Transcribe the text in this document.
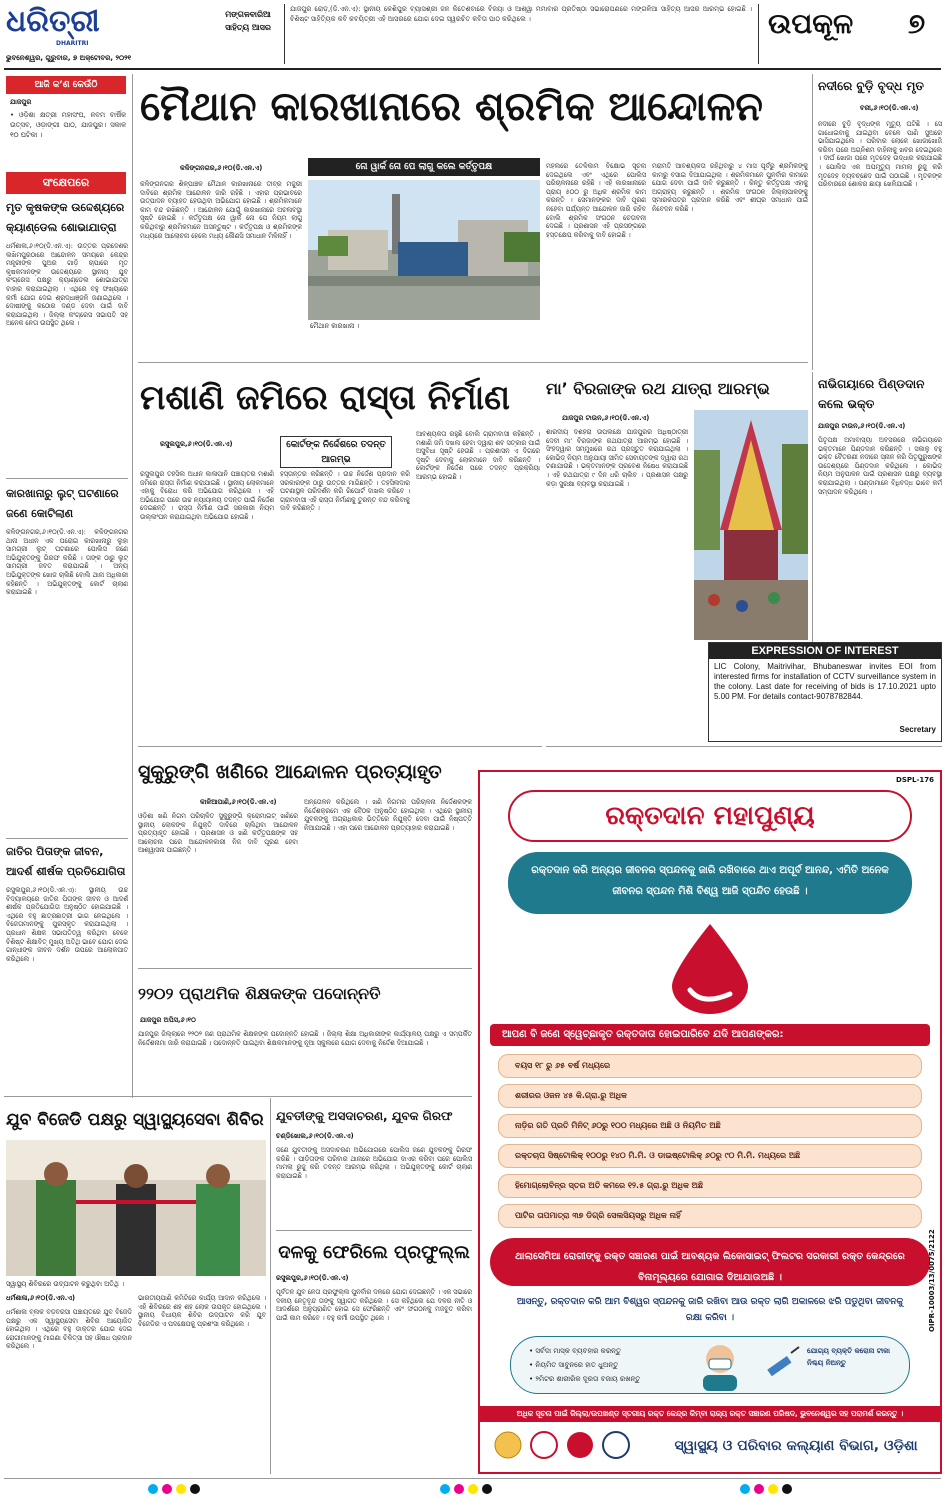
ଧରିତ୍ରୀ
DHARITRI
ଭୁବନେଶ୍ୱର, ଗୁରୁବାର, ୭ ଅକ୍ଟୋବର, ୨୦୨୧
ମଙ୍ଗଳବାରିଆ ସାହିତ୍ୟ ଆସର
ଯାଜପୁର ରୋଡ଼,(ଡି.ଏନ.ଏ): ସ୍ଥାନୀୟ କେଶିପୁର ବ୍ୟାସଶ୍ରୀ ଜନ କିତେଶବାରେ ବିଜୟା ଓ ଆଶ୍ୱା ମମାବାର ପ୍ରତିଷ୍ଠା ସଭାରୋପଣରେ ମଙ୍ଗଳିଆ ସାହିତ୍ୟ ଆସର ଆରମ୍ଭ ହୋଇଛି । ବିଶିଷ୍ଟ ସାହିତ୍ୟିକ କବି କବୟିତ୍ରୀ ଏହି ଆସରରେ ଯୋଗ ଦେଇ ସ୍ୱରଚିତ କବିତା ପାଠ କରିଥିଲେ ।	ଉପକୂଳ ୭
ଆଜି କ’ଣ କେଉଁଠି
ଯାଜପୁର
• ଓଡ଼ିଶା କ୍ଷତ୍ରୀ ମହାସଂଘ, ନବମ ବାର୍ଷିକ ଉତ୍ସବ, ଓଡ଼ାଙ୍ଗୀ ପାଠ, ଯାଜପୁର। ସକାଳ ୧୦ ଘଟିକା ।
ସଂକ୍ଷେପରେ
ମୃତ କୃଷକଙ୍କ ଉଦ୍ଦେଶ୍ୟରେ କ୍ୟାଣ୍ଡେଲ ଶୋଭାଯାତ୍ରା
ଧର୍ମଶାଳା,୬।୧୦(ଡି.ଏନ.ଏ): ଉତ୍ତର ପ୍ରଦେଶର ଲଖିମପୁରଠାରେ ଆନ୍ଦୋଳନ ସମୟରେ କେନ୍ଦ୍ର ମନ୍ତ୍ରୀଙ୍କ ପୁଅର ଗାଡ଼ି ଚାପାରେ ମୃତ କୃଷକମାନଙ୍କ ଉଦ୍ଦେଶ୍ୟରେ ସ୍ଥାନୀୟ ଯୁବ କଂଗ୍ରେସ ପକ୍ଷରୁ କ୍ୟାଣ୍ଡେଲ ଶୋଭାଯାତ୍ରା ବାହାର କରାଯାଇଥିଲା । ଏଥିରେ ବହୁ ସଂଖ୍ୟାରେ କର୍ମୀ ଯୋଗ ଦେଇ ଶ୍ରଦ୍ଧାଞ୍ଜଳି ଜଣାଇଥିଲେ । ଦୋଷୀଙ୍କୁ କଠୋର ଦଣ୍ଡ ଦେବା ପାଇଁ ଦାବି କରାଯାଇଥିଲା । ଜିଲ୍ଲା କଂଗ୍ରେସ ସଭାପତି ସହ ଅନେକ ନେତା ଉପସ୍ଥିତ ଥିଲେ ।
କାରଖାନାରୁ ଲୁଟ୍ ଘଟଣାରେ ଜଣେ କୋଟିଲାଣ
କଳିଙ୍ଗନଗର,୬।୧୦(ଡି.ଏନ.ଏ): କଳିଙ୍ଗନଗର ଥାନା ଅଧୀନ ଏକ ଘରୋଇ କାରଖାନାରୁ ଲୁହା ସାମଗ୍ରୀ ଲୁଟ୍ ଘଟଣାରେ ପୋଲିସ ଜଣେ ଅଭିଯୁକ୍ତଙ୍କୁ ଗିରଫ କରିଛି । ତାଙ୍କ ଠାରୁ ଲୁଟ୍ ସାମଗ୍ରୀ ଜବତ କରାଯାଇଛି । ଅନ୍ୟ ଅଭିଯୁକ୍ତଙ୍କ ଖୋଜ ଚାଲିଛି ବୋଲି ଥାନା ଅଧିକାରୀ କହିଛନ୍ତି । ଅଭିଯୁକ୍ତଙ୍କୁ କୋର୍ଟ ଚାଲାଣ କରାଯାଇଛି ।
ଜାତିର ପିତାଙ୍କ ଜୀବନ, ଆଦର୍ଶ ଶୀର୍ଷକ ପ୍ରତିଯୋଗିତା
ରସୁଲପୁର,୬।୧୦(ଡି.ଏନ.ଏ): ସ୍ଥାନୀୟ ଉଚ୍ଚ ବିଦ୍ୟାଳୟରେ ଜାତିର ପିତାଙ୍କ ଜୀବନ ଓ ଆଦର୍ଶ ଶୀର୍ଷକ ପ୍ରତିଯୋଗିତା ଅନୁଷ୍ଠିତ ହୋଇଯାଇଛି । ଏଥିରେ ବହୁ ଛାତ୍ରଛାତ୍ରୀ ଭାଗ ନେଇଥିଲେ । ବିଜେତାମାନଙ୍କୁ ପୁରସ୍କୃତ କରାଯାଇଥିଲା । ପ୍ରଧାନ ଶିକ୍ଷକ ସଭାପତିତ୍ୱ କରିଥିବା ବେଳେ ବିଶିଷ୍ଟ ଶିକ୍ଷାବିତ୍ ମୁଖ୍ୟ ଅତିଥି ଭାବେ ଯୋଗ ଦେଇ ଗାନ୍ଧୀଙ୍କ ଜୀବନ ଦର୍ଶନ ଉପରେ ଆଲୋକପାତ କରିଥିଲେ ।
ମୈଥାନ କାରଖାନାରେ ଶ୍ରମିକ ଆନ୍ଦୋଳନ
କଳିଙ୍ଗନଗର,୬।୧୦(ଡି.ଏନ.ଏ)	ନୋ ୱାର୍କ ନୋ ପେ ଲାଗୁ କଲେ କର୍ତ୍ତୃପକ୍ଷ
ମୈଥାନ କାରଖାନା ।
କଳିଙ୍ଗନଗର ଶିଳ୍ପାଞ୍ଚଳ ମୈଥାନ କାରଖାନାରେ ତୀବ୍ର ମଜୁରୀ ଦାବିରେ ଶ୍ରମିକ ଆନ୍ଦୋଳନ ଜାରି ରହିଛି । ଏହାର ପ୍ରଭାବରେ ଉତ୍ପାଦନ ବ୍ୟାହତ ହେଉଥିବା ଅଭିଯୋଗ ହୋଇଛି । ଶ୍ରମିକମାନେ କାମ ବନ୍ଦ ରଖିଛନ୍ତି । ଆନ୍ଦୋଳନ ଯୋଗୁଁ କାରଖାନାରେ ଅଚଳାବସ୍ଥା ସୃଷ୍ଟି ହୋଇଛି । କର୍ତ୍ତୃପକ୍ଷ ନୋ ୱାର୍କ ନୋ ପେ ନିୟମ ଲାଗୁ କରିଥିବାରୁ ଶ୍ରମିକମାନେ ଅସନ୍ତୁଷ୍ଟ । କର୍ତ୍ତୃପକ୍ଷ ଓ ଶ୍ରମିକଙ୍କ ମଧ୍ୟରେ ଆଲୋଚନା ହେଲେ ମଧ୍ୟ କୌଣସି ସମାଧାନ ମିଳିନାହିଁ ।
ମହଲରେ ତେଳିକାମ ବିକ୍ଷୋଭ ସୂଚନା ଦେଇଥିଲେ ଏବଂ ଏଥିରେ ପୋଲିସ ପରିଚାଳନାରେ ରହିଛି । ଏହି କାରଖାନାରେ ପ୍ରାୟ ୫୦୦ ରୁ ଅଧିକ ଶ୍ରମିକ କାମ କରନ୍ତି । ସେମାନଙ୍କର ଦାବି ପୂରଣ ନହେବା ପର୍ଯ୍ୟନ୍ତ ଆନ୍ଦୋଳନ ଜାରି ରହିବ ବୋଲି ଶ୍ରମିକ ସଂଗଠନ ଚେତାବନୀ ଦେଇଛି । ପ୍ରଶାସନ ଏହି ପ୍ରସଙ୍ଗରେ ହସ୍ତକ୍ଷେପ କରିବାକୁ ଦାବି ହୋଇଛି ।
ମରାମତି ଆବଶ୍ୟକତା ରହିଥିବାରୁ ୪ ମାସ ପୂର୍ବରୁ ଶ୍ରମିକଙ୍କୁ କାମରୁ ବସାଇ ଦିଆଯାଇଥିଲା । ଶ୍ରମିକମାନେ ପୁନର୍ବାର କାମରେ ଯୋଗ ଦେବା ପାଇଁ ଦାବି କରୁଛନ୍ତି । କିନ୍ତୁ କର୍ତ୍ତୃପକ୍ଷ ଏହାକୁ ଅଗ୍ରାହ୍ୟ କରୁଛନ୍ତି । ଶ୍ରମିକ ସଂଗଠନ ଜିଲ୍ଲାପାଳଙ୍କୁ ସ୍ମାରକପତ୍ର ପ୍ରଦାନ କରିଛି ଏବଂ ଶୀଘ୍ର ସମାଧାନ ପାଇଁ ନିବେଦନ କରିଛି ।
ନଦୀରେ ବୁଡ଼ି ବୃଦ୍ଧ ମୃତ
ବରୀ,୬।୧୦(ଡି.ଏନ.ଏ)
ନଦୀରେ ବୁଡ଼ି ବୃଦ୍ଧଙ୍କ ମୃତ୍ୟୁ ଘଟିଛି । ସେ ଗାଧୋଇବାକୁ ଯାଇଥିବା ବେଳେ ପାଣି ସୁଅରେ ଭାସିଯାଇଥିଲେ । ପରିବାର ଲୋକେ ଖୋଜାଖୋଜି କରିବା ପରେ ଅଗ୍ନିଶମ ବାହିନୀକୁ ଖବର ଦେଇଥିଲେ । ଦୀର୍ଘ ଖୋଜା ପରେ ମୃତଦେହ ଉଦ୍ଧାର କରାଯାଇଛି । ପୋଲିସ ଏକ ଅପମୃତ୍ୟୁ ମାମଲା ରୁଜୁ କରି ମୃତଦେହ ବ୍ୟବଚ୍ଛେଦ ପାଇଁ ପଠାଇଛି । ମୃତକଙ୍କ ପରିବାରରେ ଶୋକର ଛାୟା ଖେଳିଯାଇଛି ।
ମଶାଣି ଜମିରେ ରାସ୍ତା ନିର୍ମାଣ
ରସୁଲପୁର,୬।୧୦(ଡି.ଏନ.ଏ)	କୋର୍ଟଙ୍କ ନିର୍ଦ୍ଦେଶରେ ତଦନ୍ତ ଆରମ୍ଭ
ରସୁଲପୁର ତହସିଲ ଅଧୀନ କାଳାପାନି ପଞ୍ଚାୟତର ମଶାଣି ଜମିରେ ରାସ୍ତା ନିର୍ମାଣ କରାଯାଇଛି । ସ୍ଥାନୀୟ ଲୋକମାନେ ଏହାକୁ ବିରୋଧ କରି ଅଭିଯୋଗ କରିଥିଲେ । ଏହି ଅଭିଯୋଗ ପରେ ଉଚ୍ଚ ନ୍ୟାୟାଳୟ ତଦନ୍ତ ପାଇଁ ନିର୍ଦ୍ଦେଶ ଦେଇଛନ୍ତି । ରାସ୍ତା ନିର୍ମାଣ ପାଇଁ ସରକାରୀ ନିୟମ ଉଲ୍ଲଂଘନ କରାଯାଇଥିବା ଅଭିଯୋଗ ହୋଇଛି ।
ହସ୍ତାନ୍ତର କରିଛନ୍ତି । ଉଚ୍ଚ ନିର୍ଦ୍ଦେଶ ପ୍ରଦାନ କରି ସରକାରଙ୍କ ଠାରୁ ଉତ୍ତର ମାଗିଛନ୍ତି । ତହସିଲଦାର ଘଟଣାସ୍ଥଳ ପରିଦର୍ଶନ କରି ରିପୋର୍ଟ ଦାଖଲ କରିବେ । ଗ୍ରାମବାସୀ ଏହି ରାସ୍ତା ନିର୍ମାଣକୁ ତୁରନ୍ତ ବନ୍ଦ କରିବାକୁ ଦାବି କରିଛନ୍ତି ।
ଆବଶ୍ୟକତା ରହୁଛି ବୋଲି ଗ୍ରାମବାସୀ କହିଛନ୍ତି । ମଶାଣି ଜମି ଦଖଲ ହେବା ଦ୍ୱାରା ଶବ ସତ୍କାର ପାଇଁ ଅସୁବିଧା ସୃଷ୍ଟି ହେଉଛି । ପ୍ରଶାସନ ଏ ଦିଗରେ ଦୃଷ୍ଟି ଦେବାକୁ ଲୋକମାନେ ଦାବି କରିଛନ୍ତି । କୋର୍ଟଙ୍କ ନିର୍ଦ୍ଦେଶ ପରେ ତଦନ୍ତ ପ୍ରକ୍ରିୟା ଆରମ୍ଭ ହୋଇଛି ।
ମା’ ବିରଜାଙ୍କ ରଥ ଯାତ୍ରା ଆରମ୍ଭ
ଯାଜପୁର ଟାଉନ,୬।୧୦(ଡି.ଏନ.ଏ)
ଶାରଦୀୟ ଦଶହରା ଉପଲକ୍ଷେ ଯାଜପୁରର ଅଧିଷ୍ଠାତ୍ରୀ ଦେବୀ ମା’ ବିରଜାଙ୍କ ରଥଯାତ୍ରା ଆରମ୍ଭ ହୋଇଛି । ସିଂହଦ୍ୱାର ସମ୍ମୁଖରେ ରଥ ପ୍ରସ୍ତୁତ କରାଯାଇଥିଲା । କୋଭିଡ୍ ନିୟମ ଅନୁଯାୟୀ ସୀମିତ ସେବାୟତଙ୍କ ଦ୍ୱାରା ରଥ ଟଣାଯାଉଛି । ଭକ୍ତମାନଙ୍କ ପ୍ରବେଶ ନିଷେଧ କରାଯାଇଛି । ଏହି ରଥଯାତ୍ରା ୯ ଦିନ ଧରି ଚାଲିବ । ପ୍ରଶାସନ ପକ୍ଷରୁ କଡ଼ା ସୁରକ୍ଷା ବ୍ୟବସ୍ଥା କରାଯାଇଛି ।
ନାଭିଗୟାରେ ପିଣ୍ଡଦାନ କଲେ ଭକ୍ତ
ଯାଜପୁର ଟାଉନ,୬।୧୦(ଡି.ଏନ.ଏ)
ପିତୃପକ୍ଷ ଅମାବାସ୍ୟା ଅବସରରେ ନାଭିଗୟାରେ ଭକ୍ତମାନେ ପିଣ୍ଡଦାନ କରିଛନ୍ତି । ସକାଳୁ ବହୁ ଭକ୍ତ ବୈତରଣୀ ନଦୀରେ ସ୍ନାନ କରି ପିତୃପୁରୁଷଙ୍କ ଉଦ୍ଦେଶ୍ୟରେ ପିଣ୍ଡଦାନ କରିଥିଲେ । କୋଭିଡ୍ ନିୟମ ଅନୁପାଳନ ପାଇଁ ପ୍ରଶାସନ ପକ୍ଷରୁ ବ୍ୟବସ୍ଥା କରାଯାଇଥିଲା । ପଣ୍ଡାମାନେ ବିଧିବଦ୍ଧ ଭାବେ କର୍ମ ସମ୍ପାଦନ କରିଥିଲେ ।
EXPRESSION OF INTEREST
LIC Colony, Maitrivihar, Bhubaneswar invites EOI from interested firms for installation of CCTV surveillance system in the colony. Last date for receiving of bids is 17.10.2021 upto 5.00 PM. For details contact-9078782844.
Secretary
ସୁକୁରୁଙ୍ଗି ଖଣିରେ ଆନ୍ଦୋଳନ ପ୍ରତ୍ୟାହୃତ
କାଳିଆପାଣି,୬।୧୦(ଡି.ଏନ.ଏ)
ଓଡ଼ିଶା ଖଣି ନିଗମ ପରିଚାଳିତ ସୁକୁରୁଙ୍ଗି କ୍ରୋମାଇଟ୍ ଖଣିରେ ସ୍ଥାନୀୟ ଲୋକଙ୍କ ନିଯୁକ୍ତି ଦାବିରେ ଚାଲିଥିବା ଆନ୍ଦୋଳନ ପ୍ରତ୍ୟାହୃତ ହୋଇଛି । ପ୍ରଶାସନ ଓ ଖଣି କର୍ତ୍ତୃପକ୍ଷଙ୍କ ସହ ଆଲୋଚନା ପରେ ଆନ୍ଦୋଳନକାରୀ ନିଜ ଦାବି ପୂରଣ ହେବା ଆଶ୍ୱାସନା ପାଇଛନ୍ତି ।
ଅନ୍ତୋଳନ କରିଥିଲେ । ଖଣି ନିଗମର ପରିଚାଳନା ନିର୍ଦ୍ଦେଶକଙ୍କ ନିର୍ଦ୍ଦେଶକ୍ରମେ ଏକ ବୈଠକ ଅନୁଷ୍ଠିତ ହୋଇଥିଲା । ଏଥିରେ ସ୍ଥାନୀୟ ଯୁବକଙ୍କୁ ଅଗ୍ରାଧିକାର ଭିତ୍ତିରେ ନିଯୁକ୍ତି ଦେବା ପାଇଁ ନିଷ୍ପତ୍ତି ନିଆଯାଇଛି । ଏହା ପରେ ଆନ୍ଦୋଳନ ପ୍ରତ୍ୟାହାର କରାଯାଇଛି ।
୨୨୦୨ ପ୍ରାଥମିକ ଶିକ୍ଷକଙ୍କ ପଦୋନ୍ନତି
ଯାଜପୁର ଅପିସ,୬।୧୦
ଯାଜପୁର ଜିଲ୍ଲାରେ ୨୨୦୨ ଜଣ ପ୍ରାଥମିକ ଶିକ୍ଷକଙ୍କ ପଦୋନ୍ନତି ହୋଇଛି । ଜିଲ୍ଲା ଶିକ୍ଷା ଅଧିକାରୀଙ୍କ କାର୍ଯ୍ୟାଳୟ ପକ୍ଷରୁ ଏ ସମ୍ପର୍କିତ ନିର୍ଦ୍ଦେଶନାମା ଜାରି କରାଯାଇଛି । ପଦୋନ୍ନତି ପାଇଥିବା ଶିକ୍ଷକମାନଙ୍କୁ ନୂଆ ସ୍କୁଲରେ ଯୋଗ ଦେବାକୁ ନିର୍ଦ୍ଦେଶ ଦିଆଯାଇଛି ।
ଯୁବ ବିଜେଡି ପକ୍ଷରୁ ସ୍ୱାସ୍ଥ୍ୟସେବା ଶିବିର
ସ୍ୱାସ୍ଥ୍ୟ ଶିବିରରେ ଉଦ୍‌ଘାଟନ କରୁଥିବା ଅତିଥି ।
ଧର୍ମଶାଳା,୬।୧୦(ଡି.ଏନ.ଏ)
ଧର୍ମଶାଳା ବ୍ଲକ ବଡ଼ବରସା ପଞ୍ଚାୟତରେ ଯୁବ ବିଜେଡି ପକ୍ଷରୁ ଏକ ସ୍ୱାସ୍ଥ୍ୟସେବା ଶିବିର ଆୟୋଜିତ ହୋଇଥିଲା । ଏଥିରେ ବହୁ ଡାକ୍ତର ଯୋଗ ଦେଇ ରୋଗୀମାନଙ୍କୁ ମାଗଣା ଚିକିତ୍ସା ସହ ଔଷଧ ପ୍ରଦାନ କରିଥିଲେ ।
ଭାରତୀୟପାଣି କମିଟିରେ କାର୍ଯ୍ୟ ଆଦାନ କରିଥିଲେ । ଏହି ଶିବିରରେ ଶହ ଶହ ଲୋକ ଉପକୃତ ହୋଇଥିଲେ । ସ୍ଥାନୀୟ ବିଧାୟକ ଶିବିର ଉଦ୍‌ଘାଟନ କରି ଯୁବ ବିଜେଡିର ଏ ପଦକ୍ଷେପକୁ ପ୍ରଶଂସା କରିଥିଲେ ।
ଯୁବତୀଙ୍କୁ ଅସଦାଚରଣ, ଯୁବକ ଗିରଫ
ଚଣ୍ଡିଖୋଲ,୬।୧୦(ଡି.ଏନ.ଏ)
ଜଣେ ଯୁବତୀଙ୍କୁ ଅସଦାଚରଣ ଅଭିଯୋଗରେ ପୋଲିସ ଜଣେ ଯୁବକଙ୍କୁ ଗିରଫ କରିଛି । ପୀଡ଼ିତାଙ୍କ ପରିବାର ଥାନାରେ ଅଭିଯୋଗ ଦାଏର କରିବା ପରେ ପୋଲିସ ମାମଲା ରୁଜୁ କରି ତଦନ୍ତ ଆରମ୍ଭ କରିଥିଲା । ଅଭିଯୁକ୍ତଙ୍କୁ କୋର୍ଟ ଚାଲାଣ କରାଯାଇଛି ।
ଦଳକୁ ଫେରିଲେ ପ୍ରଫୁଲ୍ଲ
ରସୁଲପୁର,୬।୧୦(ଡି.ଏନ.ଏ)
ପୂର୍ବତନ ଯୁବ ନେତା ପ୍ରଫୁଲ୍ଲ ପୁନର୍ବାର ଦଳରେ ଯୋଗ ଦେଇଛନ୍ତି । ଏକ ସଭାରେ ଦଳୀୟ ନେତୃବୃନ୍ଦ ତାଙ୍କୁ ସ୍ୱାଗତ କରିଥିଲେ । ସେ କହିଥିଲେ ଯେ ଦଳର ନୀତି ଓ ଆଦର୍ଶରେ ଅନୁପ୍ରାଣିତ ହୋଇ ସେ ଫେରିଛନ୍ତି ଏବଂ ସଂଗଠନକୁ ମଜବୁତ କରିବା ପାଇଁ କାମ କରିବେ । ବହୁ କର୍ମୀ ଉପସ୍ଥିତ ଥିଲେ ।
DSPL-176
ରକ୍ତଦାନ ମହାପୁଣ୍ୟ
ରକ୍ତଦାନ କରି ଅନ୍ୟର ଜୀବନର ସ୍ପନ୍ଦନକୁ ଜାରି ରଖିବାରେ ଥାଏ ଅପୂର୍ବ ଆନନ୍ଦ, ଏମିତି ଅନେକ ଜୀବନର ସ୍ପନ୍ଦନ ମିଶି ବିଶ୍ୱ ଆଜି ସ୍ପନ୍ଦିତ ହେଉଛି ।
ଆପଣ ବି ଜଣେ ସ୍ୱେଚ୍ଛାକୃତ ରକ୍ତଦାତା ହୋଇପାରିବେ ଯଦି ଆପଣଙ୍କର:
ବୟସ ୧୮ ରୁ ୬୫ ବର୍ଷ ମଧ୍ୟରେ
ଶରୀରର ଓଜନ ୪୫ କି.ଗ୍ରା.ରୁ ଅଧିକ
ନାଡ଼ିର ଗତି ପ୍ରତି ମିନିଟ୍ ୬୦ରୁ ୧୦୦ ମଧ୍ୟରେ ଅଛି ଓ ନିୟମିତ ଅଛି
ରକ୍ତଚାପ ସିଷ୍ଟୋଲିକ୍ ୧୦୦ରୁ ୧୪୦ ମି.ମି. ଓ ଡାଇଷ୍ଟୋଲିକ୍ ୬୦ରୁ ୯୦ ମି.ମି. ମଧ୍ୟରେ ଅଛି
ହିମୋଗ୍ଲୋବିନ୍‌ର ସ୍ତର ଅତି କମରେ ୧୨.୫ ଗ୍ରା.ରୁ ଅଧିକ ଅଛି
ପାଟିର ତାପମାତ୍ରା ୩୭ ଡିଗ୍ରି ସେଲସିୟସରୁ ଅଧିକ ନାହିଁ
ଥାଲାସେମିଆ ରୋଗୀଙ୍କୁ ରକ୍ତ ସଞ୍ଚାରଣ ପାଇଁ ଆବଶ୍ୟକ ଲିକୋସାଇଟ୍ ଫିଲଟର ସରକାରୀ ରକ୍ତ କେନ୍ଦ୍ରରେ ବିନାମୂଲ୍ୟରେ ଯୋଗାଇ ଦିଆଯାଉଅଛି ।
ଆସନ୍ତୁ, ରକ୍ତଦାନ କରି ଆମ ବିଶ୍ୱର ସ୍ପନ୍ଦନକୁ ଜାରି ରଖିବା ଆଉ ରକ୍ତ ଲାଗି ଅକାଳରେ ଝରି ପଡୁଥିବା ଜୀବନକୁ ରକ୍ଷା କରିବା ।
• ସର୍ବଦା ମାସ୍କ ବ୍ୟବହାର କରନ୍ତୁ
• ନିୟମିତ ସାବୁନରେ ହାତ ଧୁଅନ୍ତୁ
• ୨ମିଟର ଶାରୀରିକ ଦୂରତା ବଜାୟ ରଖନ୍ତୁ
ଯୋଗ୍ୟ ବ୍ୟକ୍ତି କରୋନା ଟୀକା ନିଶ୍ଚୟ ନିଅନ୍ତୁ
ଅଧିକ ସୂଚନା ପାଇଁ ଜିଲ୍ଲା/ଉପଖଣ୍ଡ ସ୍ତରୀୟ ରକ୍ତ କେନ୍ଦ୍ର କିମ୍ବା ରାଜ୍ୟ ରକ୍ତ ସଞ୍ଚାରଣ ପରିଷଦ, ଭୁବନେଶ୍ୱର ସହ ପରାମର୍ଶ କରନ୍ତୁ ।
ସ୍ୱାସ୍ଥ୍ୟ ଓ ପରିବାର କଲ୍ୟାଣ ବିଭାଗ, ଓଡ଼ିଶା
OIPR-10003/13/0075/2122
